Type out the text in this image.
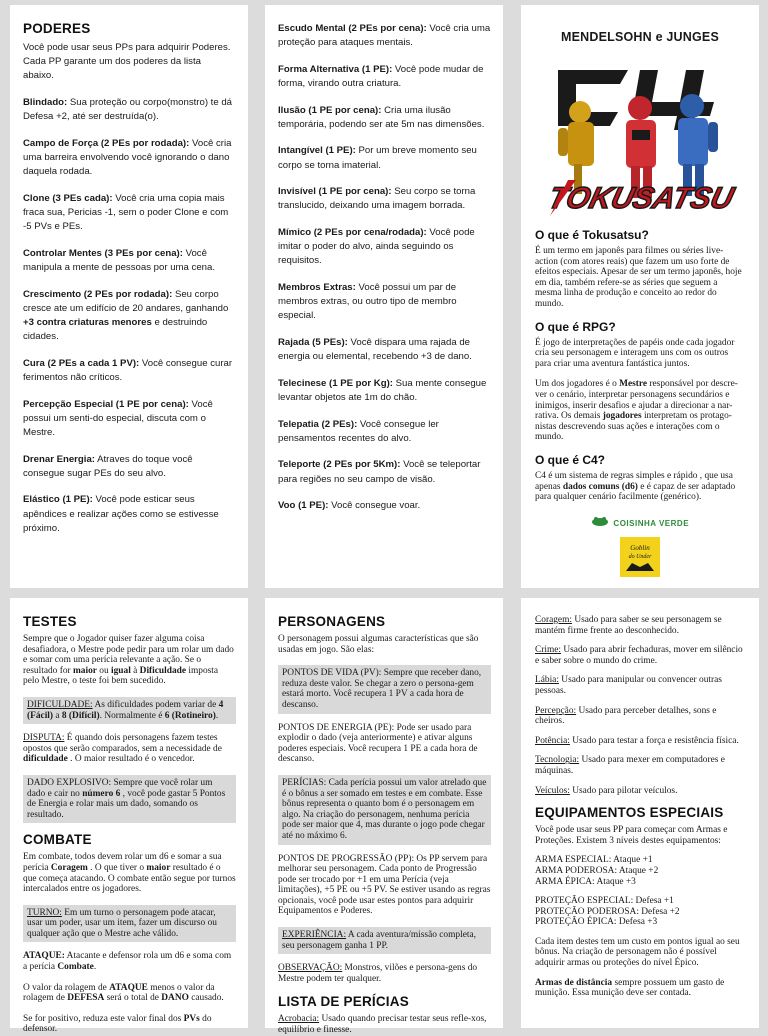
PODERES

Você pode usar seus PPs para adquirir Poderes. Cada PP garante um dos poderes da lista abaixo.

Blindado: Sua proteção ou corpo(monstro) te dá Defesa +2, até ser destruída(o).

Campo de Força (2 PEs por rodada): Você cria uma barreira envolvendo você ignorando o dano daquela rodada.

Clone (3 PEs cada): Você cria uma copia mais fraca sua, Pericias -1, sem o poder Clone e com -5 PVs e PEs.

Controlar Mentes (3 PEs por cena): Você manipula a mente de pessoas por uma cena.

Crescimento (2 PEs por rodada): Seu corpo cresce ate um edifício de 20 andares, ganhando +3 contra criaturas menores e destruindo cidades.

Cura (2 PEs a cada 1 PV): Você consegue curar ferimentos não críticos.

Percepção Especial (1 PE por cena): Você possui um senti-do especial, discuta com o Mestre.

Drenar Energia: Atraves do toque você consegue sugar PEs do seu alvo.

Elástico (1 PE): Você pode esticar seus apêndices e realizar ações como se estivesse próximo.

Escudo Mental (2 PEs por cena): Você cria uma proteção para ataques mentais.

Forma Alternativa (1 PE): Você pode mudar de forma, virando outra criatura.

Ilusão (1 PE por cena): Cria uma ilusão temporária, podendo ser ate 5m nas dimensões.

Intangível (1 PE): Por um breve momento seu corpo se torna imaterial.

Invisível (1 PE por cena): Seu corpo se torna translucido, deixando uma imagem borrada.

Mímico (2 PEs por cena/rodada): Você pode imitar o poder do alvo, ainda seguindo os requisitos.

Membros Extras: Você possui um par de membros extras, ou outro tipo de membro especial.

Rajada (5 PEs): Você dispara uma rajada de energia ou elemental, recebendo +3 de dano.

Telecinese (1 PE por Kg): Sua mente consegue levantar objetos ate 1m do chão.

Telepatia (2 PEs): Você consegue ler pensamentos recentes do alvo.

Teleporte (2 PEs por 5Km): Você se teleportar para regiões no seu campo de visão.

Voo (1 PE): Você consegue voar.

MENDELSOHN e JUNGES
TOKUSATSU
O que é Tokusatsu?

É um termo em japonês para filmes ou séries live-action (com atores reais) que fazem um uso forte de efeitos especiais. Apesar de ser um termo japonês, hoje em dia, também refere-se as séries que seguem a mesma linha de produção e conceito ao redor do mundo.

O que é RPG?

É jogo de interpretações de papéis onde cada jogador cria seu personagem e interagem uns com os outros para criar uma aventura fantástica juntos.

Um dos jogadores é o Mestre responsável por descre-ver o cenário, interpretar personagens secundários e inimigos, inserir desafios e ajudar a direcionar a nar-rativa. Os demais jogadores interpretam os protago-nistas descrevendo suas ações e interações com o mundo.

O que é C4?

C4 é um sistema de regras simples e rápido , que usa apenas dados comuns (d6) e é capaz de ser adaptado para qualquer cenário facilmente (genérico).

COISINHA VERDE
Goblin
do Under
TESTES

Sempre que o Jogador quiser fazer alguma coisa desafiadora, o Mestre pode pedir para um rolar um dado e somar com uma perícia relevante a ação. Se o resultado for maior ou igual à Dificuldade imposta pelo Mestre, o teste foi bem sucedido.

DIFICULDADE: As dificuldades podem variar de 4 (Fácil) a 8 (Difícil). Normalmente é 6 (Rotineiro).

DISPUTA: É quando dois personagens fazem testes opostos que serão comparados, sem a necessidade de dificuldade . O maior resultado é o vencedor.

DADO EXPLOSIVO: Sempre que você rolar um dado e cair no número 6 , você pode gastar 5 Pontos de Energia e rolar mais um dado, somando os resultado.
COMBATE

Em combate, todos devem rolar um d6 e somar a sua perícia Coragem . O que tiver o maior resultado é o que começa atacando. O combate então segue por turnos intercalados entre os jogadores.

TURNO: Em um turno o personagem pode atacar, usar um poder, usar um item, fazer um discurso ou qualquer ação que o Mestre ache válido.

ATAQUE: Atacante e defensor rola um d6 e soma com a perícia Combate.

O valor da rolagem de ATAQUE menos o valor da rolagem de DEFESA será o total de DANO causado.

Se for positivo, reduza este valor final dos PVs do defensor.

PERSONAGENS

O personagem possui algumas características que são usadas em jogo. São elas:

PONTOS DE VIDA (PV): Sempre que receber dano, reduza deste valor. Se chegar a zero o persona-gem estará morto. Você recupera 1 PV a cada hora de descanso.

PONTOS DE ENERGIA (PE): Pode ser usado para explodir o dado (veja anteriormente) e ativar alguns poderes especiais. Você recupera 1 PE a cada hora de descanso.

PERÍCIAS: Cada perícia possui um valor atrelado que é o bônus a ser somado em testes e em combate. Esse bônus representa o quanto bom é o personagem em algo. Na criação do personagem, nenhuma perícia pode ser maior que 4, mas durante o jogo pode chegar até no máximo 6.

PONTOS DE PROGRESSÃO (PP): Os PP servem para melhorar seu personagem. Cada ponto de Progressão pode ser trocado por +1 em uma Perícia (veja limitações), +5 PE ou +5 PV. Se estiver usando as regras opcionais, você pode usar estes pontos para adquirir Equipamentos e Poderes.

EXPERIÊNCIA: A cada aventura/missão completa, seu personagem ganha 1 PP.

OBSERVAÇÃO: Monstros, vilões e persona-gens do Mestre podem ter qualquer.

LISTA DE PERÍCIAS

Acrobacia: Usado quando precisar testar seus refle-xos, equilíbrio e finesse.

Coragem: Usado para saber se seu personagem se mantém firme frente ao desconhecido.

Crime: Usado para abrir fechaduras, mover em silêncio e saber sobre o mundo do crime.

Lábia: Usado para manipular ou convencer outras pessoas.

Percepção: Usado para perceber detalhes, sons e cheiros.

Potência: Usado para testar a força e resistência física.

Tecnologia: Usado para mexer em computadores e máquinas.

Veículos: Usado para pilotar veículos.

EQUIPAMENTOS ESPECIAIS

Você pode usar seus PP para começar com Armas e Proteções. Existem 3 níveis destes equipamentos:

ARMA ESPECIAL: Ataque +1
ARMA PODEROSA: Ataque +2
ARMA ÉPICA: Ataque +3
PROTEÇÃO ESPECIAL: Defesa +1
PROTEÇÃO PODEROSA: Defesa +2
PROTEÇÃO ÉPICA: Defesa +3

Cada item destes tem um custo em pontos igual ao seu bônus. Na criação de personagem não é possível adquirir armas ou proteções do nível Épico.

Armas de distância sempre possuem um gasto de munição. Essa munição deve ser contada.
